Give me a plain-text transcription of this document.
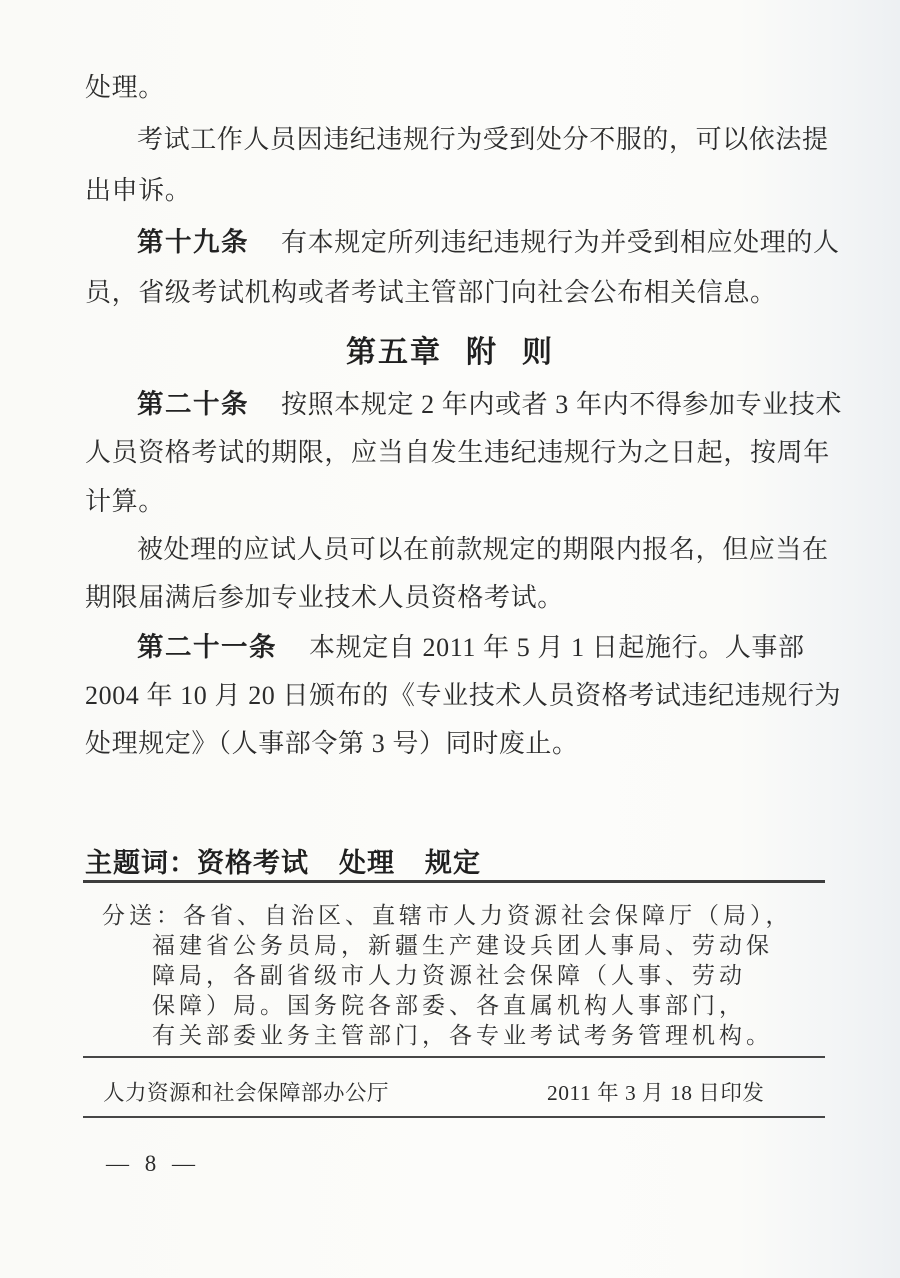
处理。
考试工作人员因违纪违规行为受到处分不服的，可以依法提
出申诉。
第十九条 有本规定所列违纪违规行为并受到相应处理的人
员，省级考试机构或者考试主管部门向社会公布相关信息。
第五章 附 则
第二十条 按照本规定 2 年内或者 3 年内不得参加专业技术
人员资格考试的期限，应当自发生违纪违规行为之日起，按周年
计算。
被处理的应试人员可以在前款规定的期限内报名，但应当在
期限届满后参加专业技术人员资格考试。
第二十一条 本规定自 2011 年 5 月 1 日起施行。人事部
2004 年 10 月 20 日颁布的《专业技术人员资格考试违纪违规行为
处理规定》（人事部令第 3 号）同时废止。
主题词：资格考试 处理 规定
分送：各省、自治区、直辖市人力资源社会保障厅（局），
福建省公务员局，新疆生产建设兵团人事局、劳动保
障局，各副省级市人力资源社会保障（人事、劳动
保障）局。国务院各部委、各直属机构人事部门，
有关部委业务主管部门，各专业考试考务管理机构。
人力资源和社会保障部办公厅	2011 年 3 月 18 日印发
— 8 —
